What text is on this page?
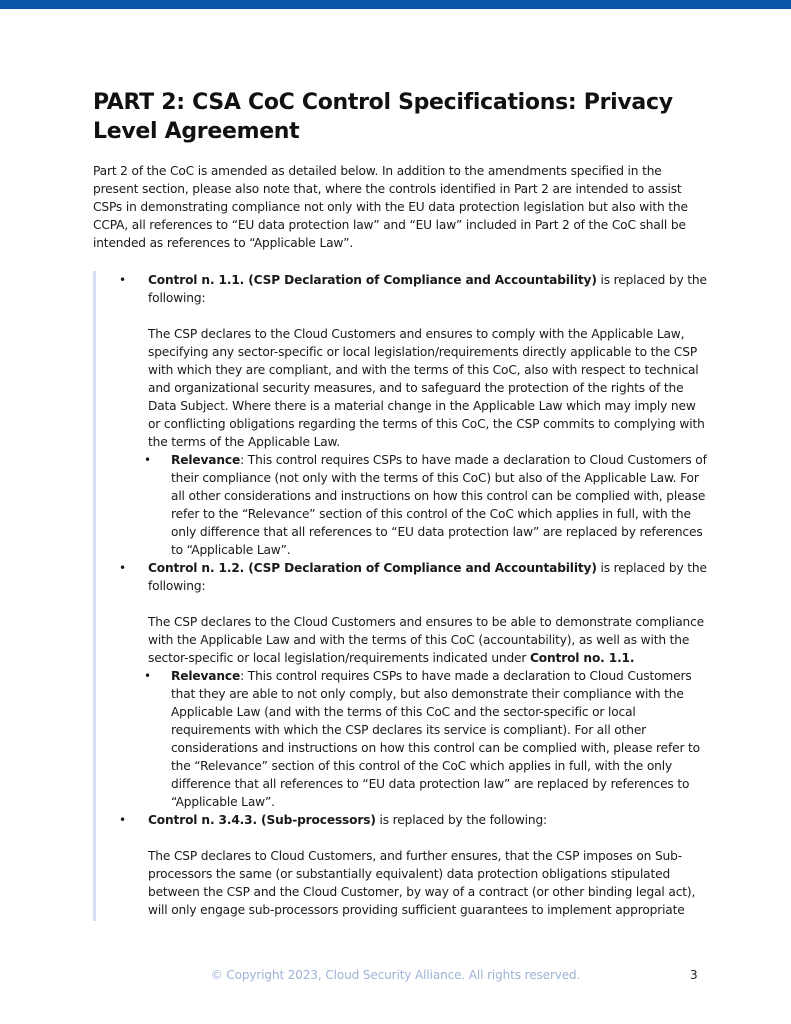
PART 2: CSA CoC Control Specifications: Privacy Level Agreement

Part 2 of the CoC is amended as detailed below. In addition to the amendments specified in the present section, please also note that, where the controls identified in Part 2 are intended to assist CSPs in demonstrating compliance not only with the EU data protection legislation but also with the CCPA, all references to “EU data protection law” and “EU law” included in Part 2 of the CoC shall be intended as references to “Applicable Law”.

• Control n. 1.1. (CSP Declaration of Compliance and Accountability) is replaced by the following:

The CSP declares to the Cloud Customers and ensures to comply with the Applicable Law, specifying any sector-specific or local legislation/requirements directly applicable to the CSP with which they are compliant, and with the terms of this CoC, also with respect to technical and organizational security measures, and to safeguard the protection of the rights of the Data Subject. Where there is a material change in the Applicable Law which may imply new or conflicting obligations regarding the terms of this CoC, the CSP commits to complying with the terms of the Applicable Law.

• Relevance: This control requires CSPs to have made a declaration to Cloud Customers of their compliance (not only with the terms of this CoC) but also of the Applicable Law. For all other considerations and instructions on how this control can be complied with, please refer to the “Relevance” section of this control of the CoC which applies in full, with the only difference that all references to “EU data protection law” are replaced by references to “Applicable Law”.
• Control n. 1.2. (CSP Declaration of Compliance and Accountability) is replaced by the following:

The CSP declares to the Cloud Customers and ensures to be able to demonstrate compliance with the Applicable Law and with the terms of this CoC (accountability), as well as with the sector-specific or local legislation/requirements indicated under Control no. 1.1.

• Relevance: This control requires CSPs to have made a declaration to Cloud Customers that they are able to not only comply, but also demonstrate their compliance with the Applicable Law (and with the terms of this CoC and the sector-specific or local requirements with which the CSP declares its service is compliant). For all other considerations and instructions on how this control can be complied with, please refer to the “Relevance” section of this control of the CoC which applies in full, with the only difference that all references to “EU data protection law” are replaced by references to “Applicable Law”.
• Control n. 3.4.3. (Sub-processors) is replaced by the following:

The CSP declares to Cloud Customers, and further ensures, that the CSP imposes on Sub-processors the same (or substantially equivalent) data protection obligations stipulated between the CSP and the Cloud Customer, by way of a contract (or other binding legal act), will only engage sub-processors providing sufficient guarantees to implement appropriate

© Copyright 2023, Cloud Security Alliance. All rights reserved.	3
